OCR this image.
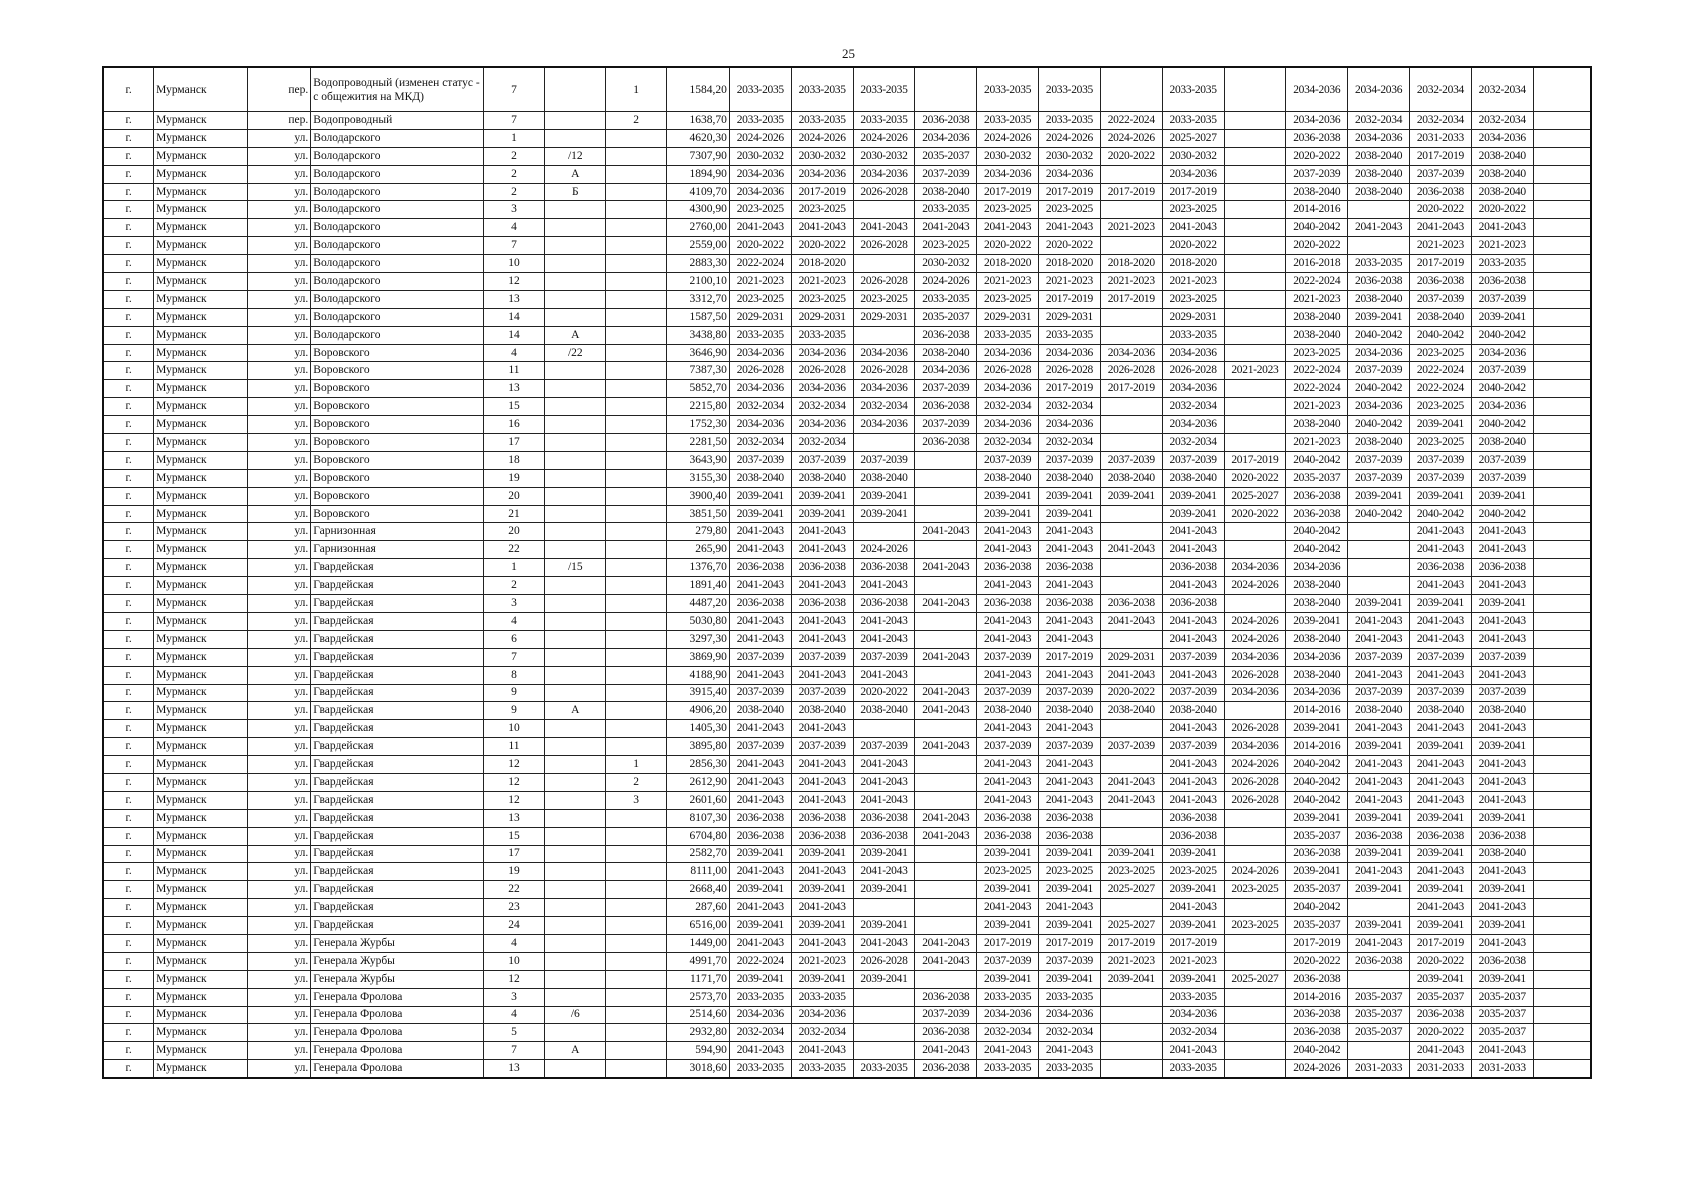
25
г.	Мурманск	пер.	Водопроводный (изменен статус - с общежития на МКД)	7		1	1584,20	2033-2035	2033-2035	2033-2035		2033-2035	2033-2035		2033-2035		2034-2036	2034-2036	2032-2034	2032-2034	
г.	Мурманск	пер.	Водопроводный	7		2	1638,70	2033-2035	2033-2035	2033-2035	2036-2038	2033-2035	2033-2035	2022-2024	2033-2035		2034-2036	2032-2034	2032-2034	2032-2034	
г.	Мурманск	ул.	Володарского	1			4620,30	2024-2026	2024-2026	2024-2026	2034-2036	2024-2026	2024-2026	2024-2026	2025-2027		2036-2038	2034-2036	2031-2033	2034-2036	
г.	Мурманск	ул.	Володарского	2	/12		7307,90	2030-2032	2030-2032	2030-2032	2035-2037	2030-2032	2030-2032	2020-2022	2030-2032		2020-2022	2038-2040	2017-2019	2038-2040	
г.	Мурманск	ул.	Володарского	2	А		1894,90	2034-2036	2034-2036	2034-2036	2037-2039	2034-2036	2034-2036		2034-2036		2037-2039	2038-2040	2037-2039	2038-2040	
г.	Мурманск	ул.	Володарского	2	Б		4109,70	2034-2036	2017-2019	2026-2028	2038-2040	2017-2019	2017-2019	2017-2019	2017-2019		2038-2040	2038-2040	2036-2038	2038-2040	
г.	Мурманск	ул.	Володарского	3			4300,90	2023-2025	2023-2025		2033-2035	2023-2025	2023-2025		2023-2025		2014-2016		2020-2022	2020-2022	
г.	Мурманск	ул.	Володарского	4			2760,00	2041-2043	2041-2043	2041-2043	2041-2043	2041-2043	2041-2043	2021-2023	2041-2043		2040-2042	2041-2043	2041-2043	2041-2043	
г.	Мурманск	ул.	Володарского	7			2559,00	2020-2022	2020-2022	2026-2028	2023-2025	2020-2022	2020-2022		2020-2022		2020-2022		2021-2023	2021-2023	
г.	Мурманск	ул.	Володарского	10			2883,30	2022-2024	2018-2020		2030-2032	2018-2020	2018-2020	2018-2020	2018-2020		2016-2018	2033-2035	2017-2019	2033-2035	
г.	Мурманск	ул.	Володарского	12			2100,10	2021-2023	2021-2023	2026-2028	2024-2026	2021-2023	2021-2023	2021-2023	2021-2023		2022-2024	2036-2038	2036-2038	2036-2038	
г.	Мурманск	ул.	Володарского	13			3312,70	2023-2025	2023-2025	2023-2025	2033-2035	2023-2025	2017-2019	2017-2019	2023-2025		2021-2023	2038-2040	2037-2039	2037-2039	
г.	Мурманск	ул.	Володарского	14			1587,50	2029-2031	2029-2031	2029-2031	2035-2037	2029-2031	2029-2031		2029-2031		2038-2040	2039-2041	2038-2040	2039-2041	
г.	Мурманск	ул.	Володарского	14	А		3438,80	2033-2035	2033-2035		2036-2038	2033-2035	2033-2035		2033-2035		2038-2040	2040-2042	2040-2042	2040-2042	
г.	Мурманск	ул.	Воровского	4	/22		3646,90	2034-2036	2034-2036	2034-2036	2038-2040	2034-2036	2034-2036	2034-2036	2034-2036		2023-2025	2034-2036	2023-2025	2034-2036	
г.	Мурманск	ул.	Воровского	11			7387,30	2026-2028	2026-2028	2026-2028	2034-2036	2026-2028	2026-2028	2026-2028	2026-2028	2021-2023	2022-2024	2037-2039	2022-2024	2037-2039	
г.	Мурманск	ул.	Воровского	13			5852,70	2034-2036	2034-2036	2034-2036	2037-2039	2034-2036	2017-2019	2017-2019	2034-2036		2022-2024	2040-2042	2022-2024	2040-2042	
г.	Мурманск	ул.	Воровского	15			2215,80	2032-2034	2032-2034	2032-2034	2036-2038	2032-2034	2032-2034		2032-2034		2021-2023	2034-2036	2023-2025	2034-2036	
г.	Мурманск	ул.	Воровского	16			1752,30	2034-2036	2034-2036	2034-2036	2037-2039	2034-2036	2034-2036		2034-2036		2038-2040	2040-2042	2039-2041	2040-2042	
г.	Мурманск	ул.	Воровского	17			2281,50	2032-2034	2032-2034		2036-2038	2032-2034	2032-2034		2032-2034		2021-2023	2038-2040	2023-2025	2038-2040	
г.	Мурманск	ул.	Воровского	18			3643,90	2037-2039	2037-2039	2037-2039		2037-2039	2037-2039	2037-2039	2037-2039	2017-2019	2040-2042	2037-2039	2037-2039	2037-2039	
г.	Мурманск	ул.	Воровского	19			3155,30	2038-2040	2038-2040	2038-2040		2038-2040	2038-2040	2038-2040	2038-2040	2020-2022	2035-2037	2037-2039	2037-2039	2037-2039	
г.	Мурманск	ул.	Воровского	20			3900,40	2039-2041	2039-2041	2039-2041		2039-2041	2039-2041	2039-2041	2039-2041	2025-2027	2036-2038	2039-2041	2039-2041	2039-2041	
г.	Мурманск	ул.	Воровского	21			3851,50	2039-2041	2039-2041	2039-2041		2039-2041	2039-2041		2039-2041	2020-2022	2036-2038	2040-2042	2040-2042	2040-2042	
г.	Мурманск	ул.	Гарнизонная	20			279,80	2041-2043	2041-2043		2041-2043	2041-2043	2041-2043		2041-2043		2040-2042		2041-2043	2041-2043	
г.	Мурманск	ул.	Гарнизонная	22			265,90	2041-2043	2041-2043	2024-2026		2041-2043	2041-2043	2041-2043	2041-2043		2040-2042		2041-2043	2041-2043	
г.	Мурманск	ул.	Гвардейская	1	/15		1376,70	2036-2038	2036-2038	2036-2038	2041-2043	2036-2038	2036-2038		2036-2038	2034-2036	2034-2036		2036-2038	2036-2038	
г.	Мурманск	ул.	Гвардейская	2			1891,40	2041-2043	2041-2043	2041-2043		2041-2043	2041-2043		2041-2043	2024-2026	2038-2040		2041-2043	2041-2043	
г.	Мурманск	ул.	Гвардейская	3			4487,20	2036-2038	2036-2038	2036-2038	2041-2043	2036-2038	2036-2038	2036-2038	2036-2038		2038-2040	2039-2041	2039-2041	2039-2041	
г.	Мурманск	ул.	Гвардейская	4			5030,80	2041-2043	2041-2043	2041-2043		2041-2043	2041-2043	2041-2043	2041-2043	2024-2026	2039-2041	2041-2043	2041-2043	2041-2043	
г.	Мурманск	ул.	Гвардейская	6			3297,30	2041-2043	2041-2043	2041-2043		2041-2043	2041-2043		2041-2043	2024-2026	2038-2040	2041-2043	2041-2043	2041-2043	
г.	Мурманск	ул.	Гвардейская	7			3869,90	2037-2039	2037-2039	2037-2039	2041-2043	2037-2039	2017-2019	2029-2031	2037-2039	2034-2036	2034-2036	2037-2039	2037-2039	2037-2039	
г.	Мурманск	ул.	Гвардейская	8			4188,90	2041-2043	2041-2043	2041-2043		2041-2043	2041-2043	2041-2043	2041-2043	2026-2028	2038-2040	2041-2043	2041-2043	2041-2043	
г.	Мурманск	ул.	Гвардейская	9			3915,40	2037-2039	2037-2039	2020-2022	2041-2043	2037-2039	2037-2039	2020-2022	2037-2039	2034-2036	2034-2036	2037-2039	2037-2039	2037-2039	
г.	Мурманск	ул.	Гвардейская	9	А		4906,20	2038-2040	2038-2040	2038-2040	2041-2043	2038-2040	2038-2040	2038-2040	2038-2040		2014-2016	2038-2040	2038-2040	2038-2040	
г.	Мурманск	ул.	Гвардейская	10			1405,30	2041-2043	2041-2043			2041-2043	2041-2043		2041-2043	2026-2028	2039-2041	2041-2043	2041-2043	2041-2043	
г.	Мурманск	ул.	Гвардейская	11			3895,80	2037-2039	2037-2039	2037-2039	2041-2043	2037-2039	2037-2039	2037-2039	2037-2039	2034-2036	2014-2016	2039-2041	2039-2041	2039-2041	
г.	Мурманск	ул.	Гвардейская	12		1	2856,30	2041-2043	2041-2043	2041-2043		2041-2043	2041-2043		2041-2043	2024-2026	2040-2042	2041-2043	2041-2043	2041-2043	
г.	Мурманск	ул.	Гвардейская	12		2	2612,90	2041-2043	2041-2043	2041-2043		2041-2043	2041-2043	2041-2043	2041-2043	2026-2028	2040-2042	2041-2043	2041-2043	2041-2043	
г.	Мурманск	ул.	Гвардейская	12		3	2601,60	2041-2043	2041-2043	2041-2043		2041-2043	2041-2043	2041-2043	2041-2043	2026-2028	2040-2042	2041-2043	2041-2043	2041-2043	
г.	Мурманск	ул.	Гвардейская	13			8107,30	2036-2038	2036-2038	2036-2038	2041-2043	2036-2038	2036-2038		2036-2038		2039-2041	2039-2041	2039-2041	2039-2041	
г.	Мурманск	ул.	Гвардейская	15			6704,80	2036-2038	2036-2038	2036-2038	2041-2043	2036-2038	2036-2038		2036-2038		2035-2037	2036-2038	2036-2038	2036-2038	
г.	Мурманск	ул.	Гвардейская	17			2582,70	2039-2041	2039-2041	2039-2041		2039-2041	2039-2041	2039-2041	2039-2041		2036-2038	2039-2041	2039-2041	2038-2040	
г.	Мурманск	ул.	Гвардейская	19			8111,00	2041-2043	2041-2043	2041-2043		2023-2025	2023-2025	2023-2025	2023-2025	2024-2026	2039-2041	2041-2043	2041-2043	2041-2043	
г.	Мурманск	ул.	Гвардейская	22			2668,40	2039-2041	2039-2041	2039-2041		2039-2041	2039-2041	2025-2027	2039-2041	2023-2025	2035-2037	2039-2041	2039-2041	2039-2041	
г.	Мурманск	ул.	Гвардейская	23			287,60	2041-2043	2041-2043			2041-2043	2041-2043		2041-2043		2040-2042		2041-2043	2041-2043	
г.	Мурманск	ул.	Гвардейская	24			6516,00	2039-2041	2039-2041	2039-2041		2039-2041	2039-2041	2025-2027	2039-2041	2023-2025	2035-2037	2039-2041	2039-2041	2039-2041	
г.	Мурманск	ул.	Генерала Журбы	4			1449,00	2041-2043	2041-2043	2041-2043	2041-2043	2017-2019	2017-2019	2017-2019	2017-2019		2017-2019	2041-2043	2017-2019	2041-2043	
г.	Мурманск	ул.	Генерала Журбы	10			4991,70	2022-2024	2021-2023	2026-2028	2041-2043	2037-2039	2037-2039	2021-2023	2021-2023		2020-2022	2036-2038	2020-2022	2036-2038	
г.	Мурманск	ул.	Генерала Журбы	12			1171,70	2039-2041	2039-2041	2039-2041		2039-2041	2039-2041	2039-2041	2039-2041	2025-2027	2036-2038		2039-2041	2039-2041	
г.	Мурманск	ул.	Генерала Фролова	3			2573,70	2033-2035	2033-2035		2036-2038	2033-2035	2033-2035		2033-2035		2014-2016	2035-2037	2035-2037	2035-2037	
г.	Мурманск	ул.	Генерала Фролова	4	/6		2514,60	2034-2036	2034-2036		2037-2039	2034-2036	2034-2036		2034-2036		2036-2038	2035-2037	2036-2038	2035-2037	
г.	Мурманск	ул.	Генерала Фролова	5			2932,80	2032-2034	2032-2034		2036-2038	2032-2034	2032-2034		2032-2034		2036-2038	2035-2037	2020-2022	2035-2037	
г.	Мурманск	ул.	Генерала Фролова	7	А		594,90	2041-2043	2041-2043		2041-2043	2041-2043	2041-2043		2041-2043		2040-2042		2041-2043	2041-2043	
г.	Мурманск	ул.	Генерала Фролова	13			3018,60	2033-2035	2033-2035	2033-2035	2036-2038	2033-2035	2033-2035		2033-2035		2024-2026	2031-2033	2031-2033	2031-2033	
